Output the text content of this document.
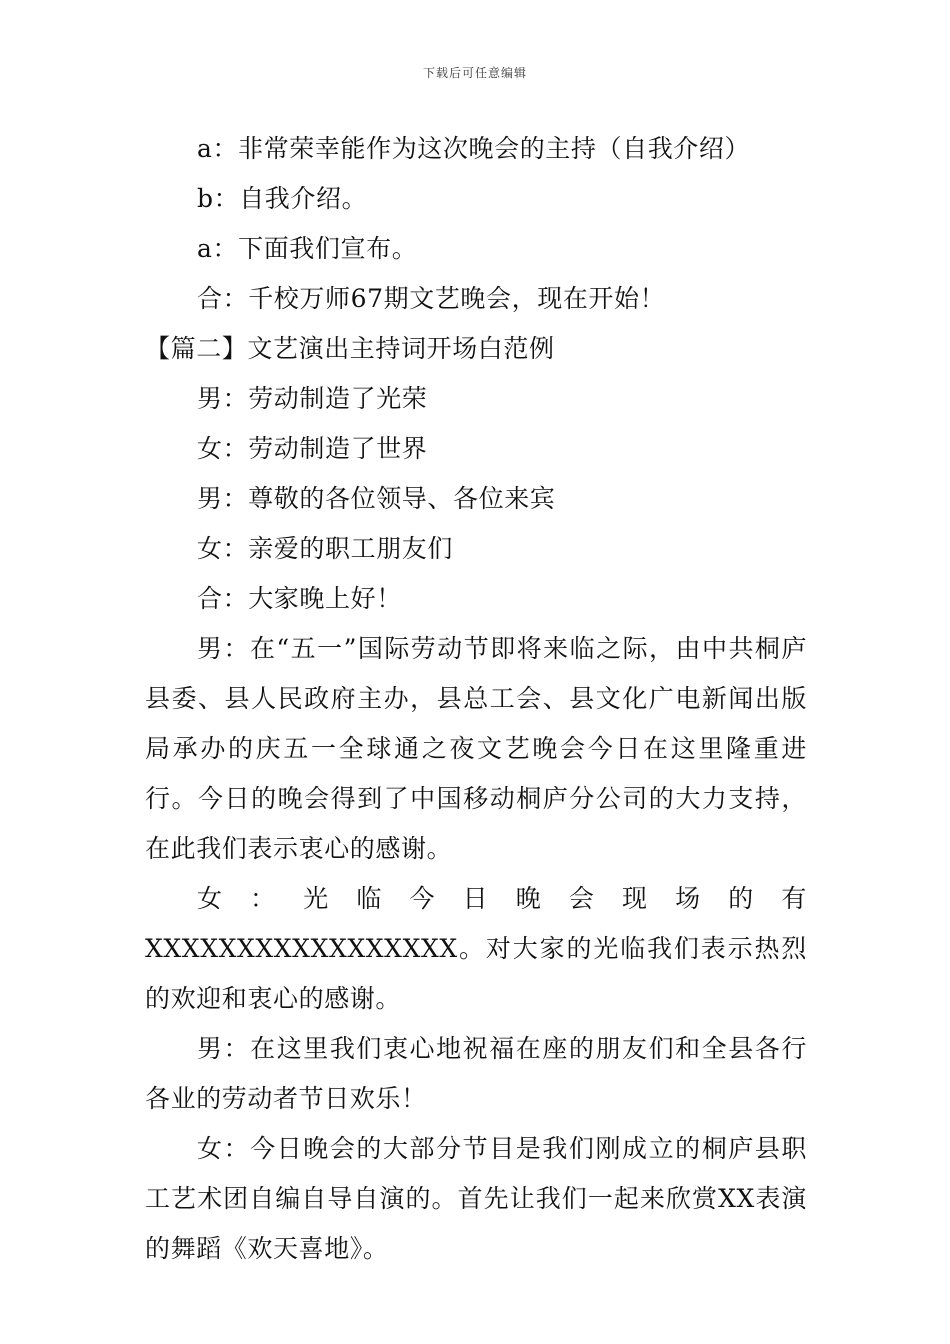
下载后可任意编辑

a：非常荣幸能作为这次晚会的主持（自我介绍）

b：自我介绍。

a：下面我们宣布。

合：千校万师67期文艺晚会，现在开始！

【篇二】文艺演出主持词开场白范例

男：劳动制造了光荣

女：劳动制造了世界

男：尊敬的各位领导、各位来宾

女：亲爱的职工朋友们

合：大家晚上好！

男：在“五一”国际劳动节即将来临之际，由中共桐庐县委、县人民政府主办，县总工会、县文化广电新闻出版局承办的庆五一全球通之夜文艺晚会今日在这里隆重进行。今日的晚会得到了中国移动桐庐分公司的大力支持，在此我们表示衷心的感谢。

女：光临今日晚会现场的有XXXXXXXXXXXXXXXXX。对大家的光临我们表示热烈的欢迎和衷心的感谢。

男：在这里我们衷心地祝福在座的朋友们和全县各行各业的劳动者节日欢乐！

女：今日晚会的大部分节目是我们刚成立的桐庐县职工艺术团自编自导自演的。首先让我们一起来欣赏XX表演的舞蹈《欢天喜地》。
